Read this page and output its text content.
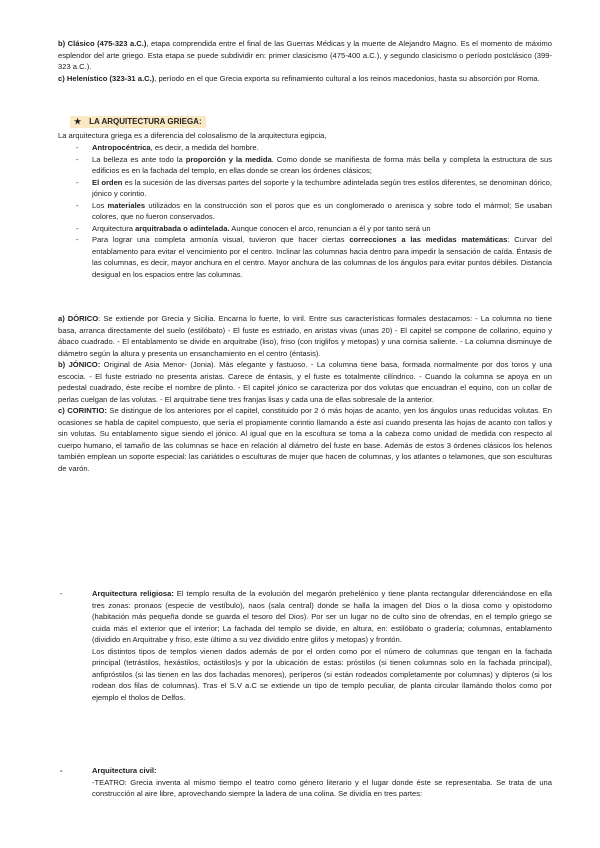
b) Clásico (475-323 a.C.), etapa comprendida entre el final de las Guerras Médicas y la muerte de Alejandro Magno. Es el momento de máximo esplendor del arte griego. Esta etapa se puede subdividir en: primer clasicismo (475-400 a.C.), y segundo clasicismo o período postclásico (399-323 a.C.).

c) Helenístico (323-31 a.C.), período en el que Grecia exporta su refinamiento cultural a los reinos macedonios, hasta su absorción por Roma.

★ LA ARQUITECTURA GRIEGA:

La arquitectura griega es a diferencia del colosalismo de la arquitectura egipcia,

- Antropocéntrica, es decir, a medida del hombre.
- La belleza es ante todo la proporción y la medida. Como donde se manifiesta de forma más bella y completa la estructura de sus edificios es en la fachada del templo, en ellas donde se crean los órdenes clásicos;
- El orden es la sucesión de las diversas partes del soporte y la techumbre adintelada según tres estilos diferentes, se denominan dórico, jónico y corintio.
- Los materiales utilizados en la construcción son el poros que es un conglomerado o arenisca y sobre todo el mármol; Se usaban colores, que no fueron conservados.
- Arquitectura arquitrabada o adintelada. Aunque conocen el arco, renuncian a él y por tanto será un
- Para lograr una completa armonía visual, tuvieron que hacer ciertas correcciones a las medidas matemáticas: Curvar del entablamento para evitar el vencimiento por el centro. Inclinar las columnas hacia dentro para impedir la sensación de caída. Éntasis de las columnas, es decir, mayor anchura en el centro. Mayor anchura de las columnas de los ángulos para evitar puntos débiles. Distancia desigual en los espacios entre las columnas.

a) DÓRICO: Se extiende por Grecia y Sicilia. Encarna lo fuerte, lo viril. Entre sus características formales destacamos: - La columna no tiene basa, arranca directamente del suelo (estilóbato) - El fuste es estriado, en aristas vivas (unas 20) - El capitel se compone de collarino, equino y ábaco cuadrado. - El entablamento se divide en arquitrabe (liso), friso (con triglifos y metopas) y una cornisa saliente. - La columna disminuye de diámetro según la altura y presenta un ensanchamiento en el centro (éntasis).

b) JÓNICO: Original de Asia Menor- (Jonia). Más elegante y fastuoso. - La columna tiene basa, formada normalmente por dos toros y una escocia. - El fuste estriado no presenta aristas. Carece de éntasis, y el fuste es totalmente cilíndrico. - Cuando la columna se apoya en un pedestal cuadrado, éste recibe el nombre de plinto. - El capitel jónico se caracteriza por dos volutas que encuadran el equino, con un collar de perlas cuelgan de las volutas. - El arquitrabe tiene tres franjas lisas y cada una de ellas sobresale de la anterior.

c) CORINTIO: Se distingue de los anteriores por el capitel, constituido por 2 ó más hojas de acanto, yen los ángulos unas reducidas volutas. En ocasiones se habla de capitel compuesto, que sería el propiamente corintio llamando a éste así cuando presenta las hojas de acanto con tallos y sin volutas. Su entablamento sigue siendo el jónico. Al igual que en la escultura se toma a la cabeza como unidad de medida con respecto al cuerpo humano, el tamaño de las columnas se hace en relación al diámetro del fuste en base. Además de estos 3 órdenes clásicos los helenos también emplean un soporte especial: las cariátides o esculturas de mujer que hacen de columnas, y los atlantes o telamones, que son esculturas de varón.

-	Arquitectura religiosa: El templo resulta de la evolución del megarón prehelénico y tiene planta rectangular diferenciándose en ella tres zonas: pronaos (especie de vestíbulo), naos (sala central) donde se halla la imagen del Dios o la diosa como y opistodomo (habitación más pequeña donde se guarda el tesoro del Dios). Por ser un lugar no de culto sino de ofrendas, en el templo griego se cuida más el exterior que el interior; La fachada del templo se divide, en altura, en: estilóbato o gradería; columnas, entablamento (dividido en Arquitrabe y friso, este último a su vez dividido entre glifos y metopas) y frontón.

Los distintos tipos de templos vienen dados además de por el orden como por el número de columnas que tengan en la fachada principal (tetrástilos, hexástilos, octástilos)s y por la ubicación de estas: próstilos (si tienen columnas solo en la fachada principal), anfipróstilos (si las tienen en las dos fachadas menores), períperos (si están rodeados completamente por columnas) y dípteros (si los rodean dos filas de columnas). Tras el S.V a.C se extiende un tipo de templo peculiar, de planta circular llamándo tholos como por ejemplo el tholos de Delfos.

-	Arquitectura civil:

-TEATRO: Grecia inventa al mismo tiempo el teatro como género literario y el lugar donde éste se representaba. Se trata de una construcción al aire libre, aprovechando siempre la ladera de una colina. Se dividía en tres partes:
